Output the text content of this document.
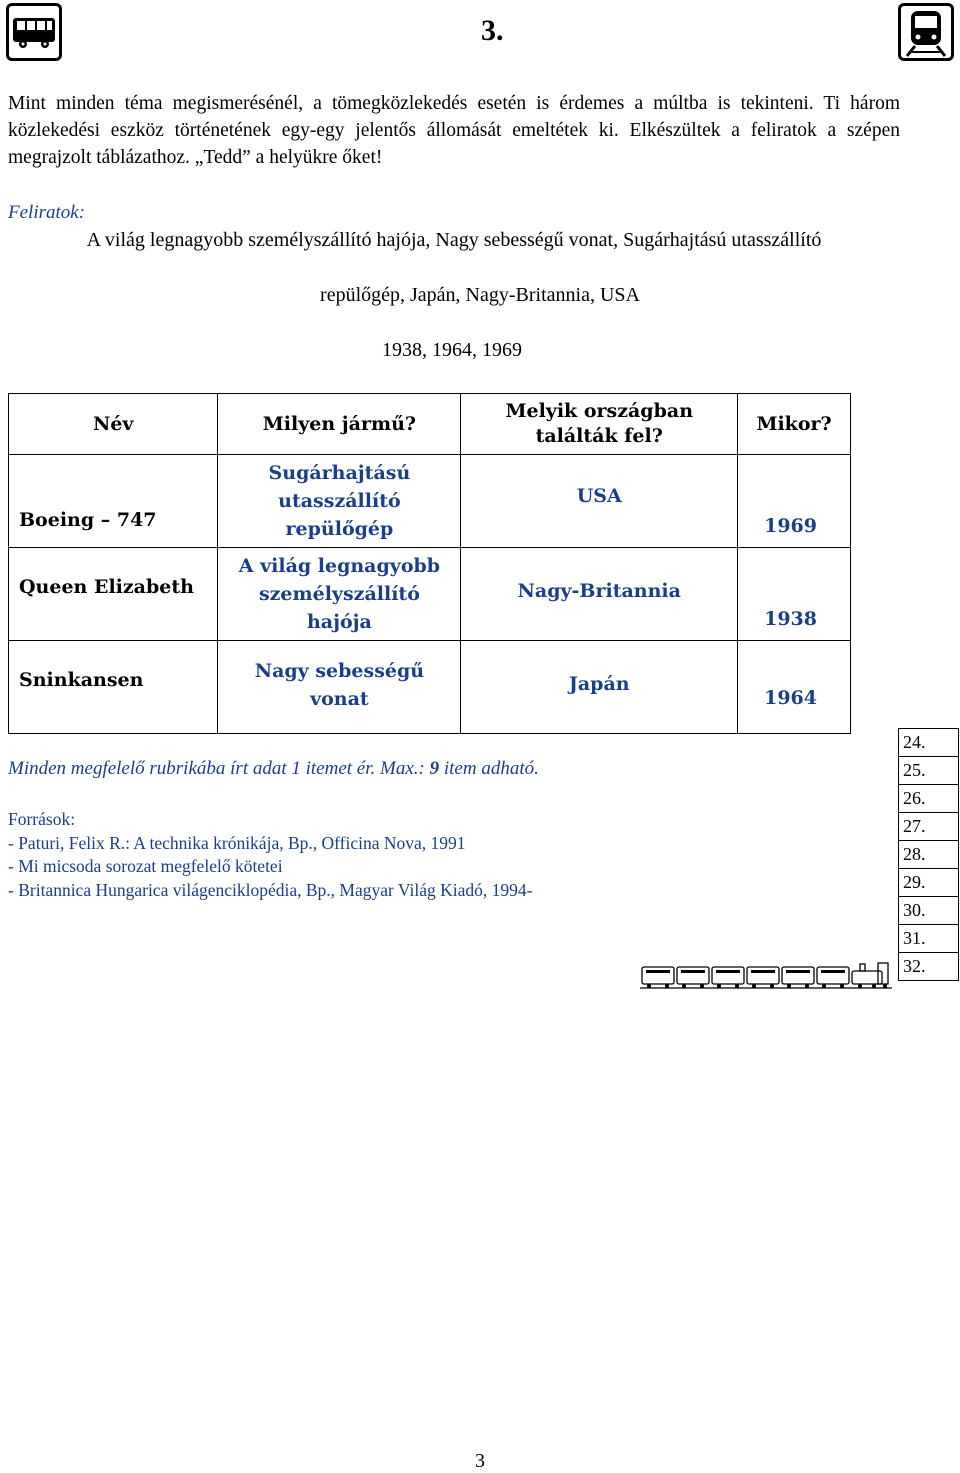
3.

Mint minden téma megismerésénél, a tömegközlekedés esetén is érdemes a múltba is tekinteni. Ti három közlekedési eszköz történetének egy-egy jelentős állomását emeltétek ki. Elkészültek a feliratok a szépen megrajzolt táblázathoz. „Tedd” a helyükre őket!

Feliratok:
A világ legnagyobb személyszállító hajója, Nagy sebességű vonat, Sugárhajtású utasszállító
repülőgép, Japán, Nagy-Britannia, USA
1938, 1964, 1969
Név	Milyen jármű?	Melyik országban találták fel?	Mikor?

Boeing – 747	Sugárhajtású utasszállító repülőgép	USA	1969

Queen Elizabeth	A világ legnagyobb személyszállító hajója	Nagy-Britannia	1938

Sninkansen	Nagy sebességű vonat	Japán	1964
Minden megfelelő rubrikába írt adat 1 itemet ér. Max.: 9 item adható.
Források:
- Paturi, Felix R.: A technika krónikája, Bp., Officina Nova, 1991
- Mi micsoda sorozat megfelelő kötetei
- Britannica Hungarica világenciklopédia, Bp., Magyar Világ Kiadó, 1994-
24.
25.
26.
27.
28.
29.
30.
31.
32.
3
